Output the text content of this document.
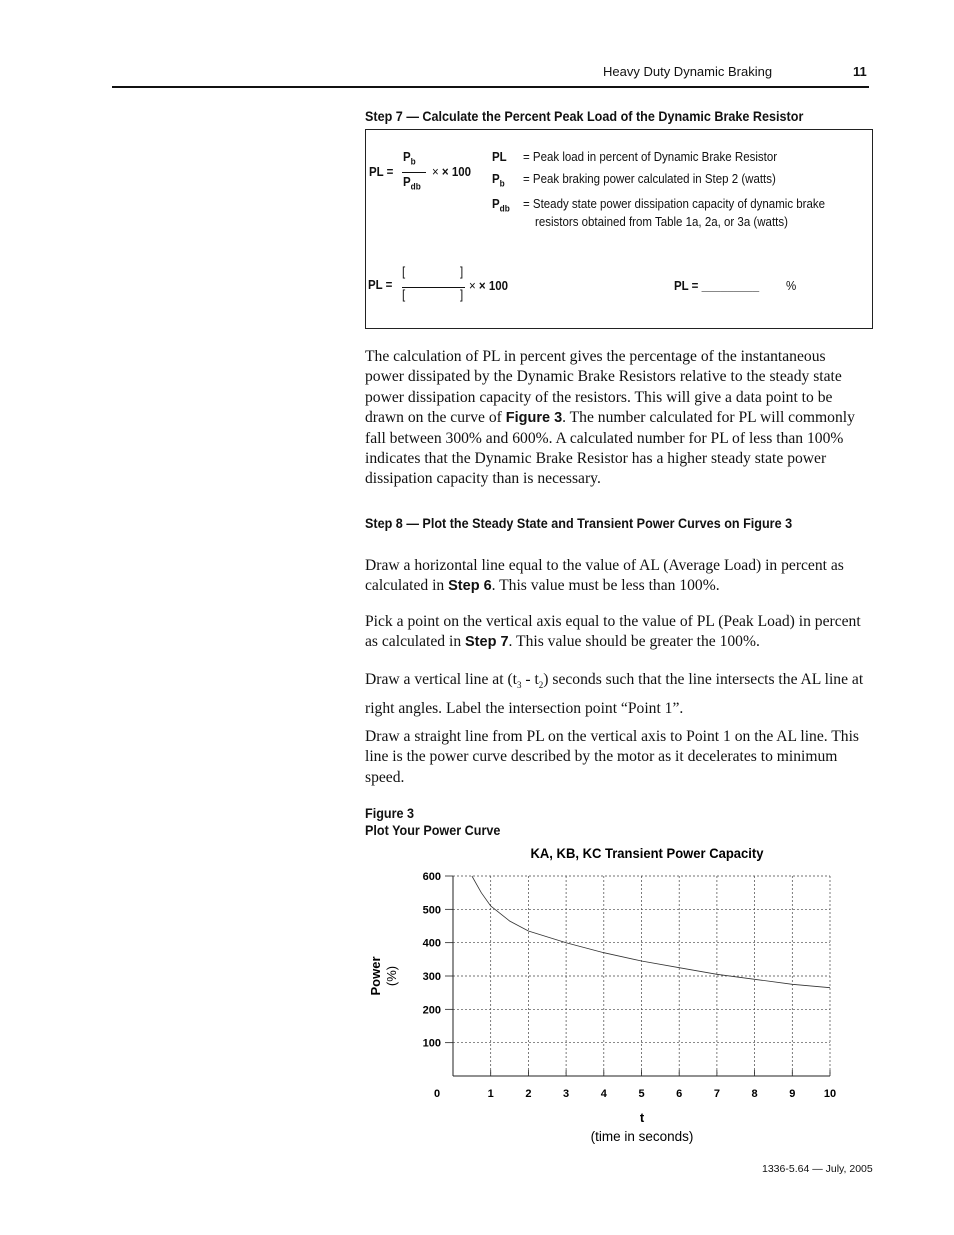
Heavy Duty Dynamic Braking	11
Step 7 — Calculate the Percent Peak Load of the Dynamic Brake Resistor
PL =
$P_b$
$P_{db}$
× × 100
PL = Peak load in percent of Dynamic Brake Resistor
$P_b$ = Peak braking power calculated in Step 2 (watts)
$P_{db}$ = Steady state power dissipation capacity of dynamic brake
resistors obtained from Table 1a, 2a, or 3a (watts)
PL =
[	]
[	]
× × 100	PL = _________ %

The calculation of PL in percent gives the percentage of the instantaneous power dissipated by the Dynamic Brake Resistors relative to the steady state power dissipation capacity of the resistors. This will give a data point to be drawn on the curve of Figure 3. The number calculated for PL will commonly fall between 300% and 600%. A calculated number for PL of less than 100% indicates that the Dynamic Brake Resistor has a higher steady state power dissipation capacity than is necessary.

Step 8 — Plot the Steady State and Transient Power Curves on Figure 3

Draw a horizontal line equal to the value of AL (Average Load) in percent as calculated in Step 6. This value must be less than 100%.

Pick a point on the vertical axis equal to the value of PL (Peak Load) in percent as calculated in Step 7. This value should be greater the 100%.

Draw a vertical line at $(t_3 - t_2)$ seconds such that the line intersects the AL line at right angles. Label the intersection point “Point 1”.

Draw a straight line from PL on the vertical axis to Point 1 on the AL line. This line is the power curve described by the motor as it decelerates to minimum speed.

Figure 3
Plot Your Power Curve
KA, KB, KC Transient Power Capacity
1	2	3	4	5	6	7	8	9	10
100
200
300
400
500
600
Power (%)
t
(time in seconds)
0
1336-5.64 — July, 2005
